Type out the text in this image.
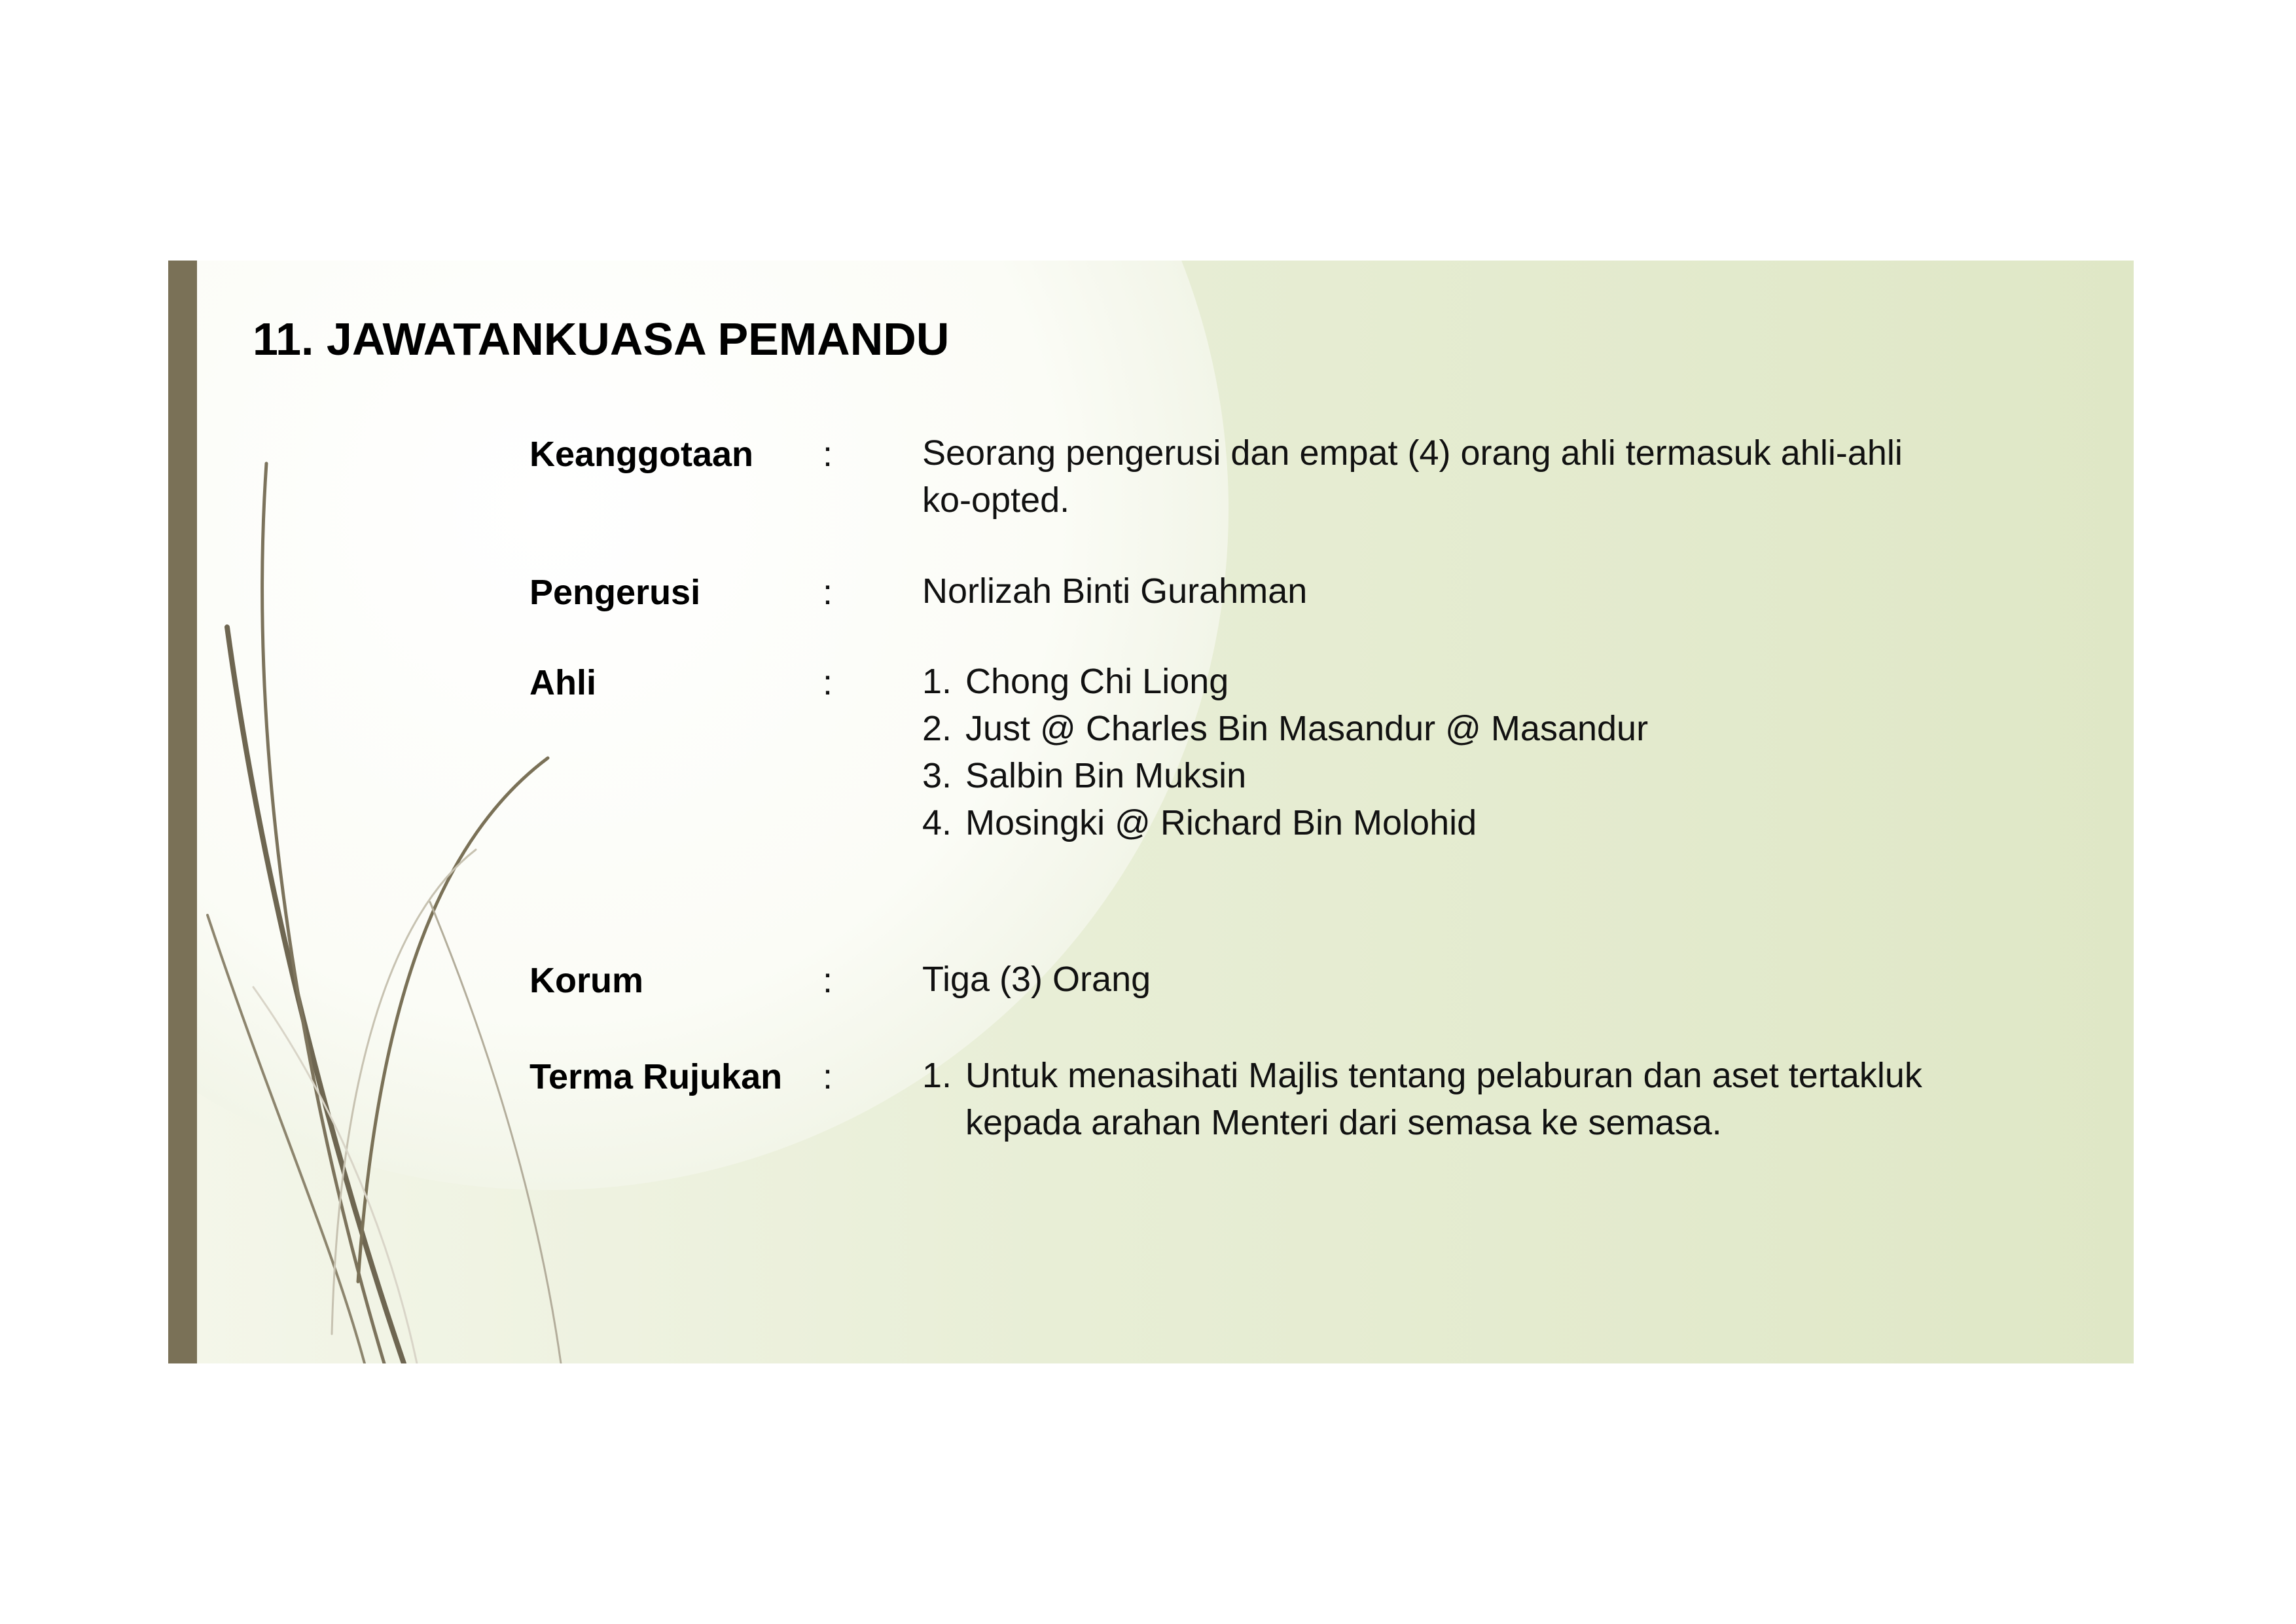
11. JAWATANKUASA PEMANDU
Keanggotaan :	Seorang pengerusi dan empat (4) orang ahli termasuk ahli-ahli
ko-opted.
Pengerusi	:	Norlizah Binti Gurahman
Ahli	:	1. Chong Chi Liong
2. Just @ Charles Bin Masandur @ Masandur
3. Salbin Bin Muksin
4. Mosingki @ Richard Bin Molohid
Korum	:	Tiga (3) Orang
Terma Rujukan :	1. Untuk menasihati Majlis tentang pelaburan dan aset tertakluk
kepada arahan Menteri dari semasa ke semasa.
